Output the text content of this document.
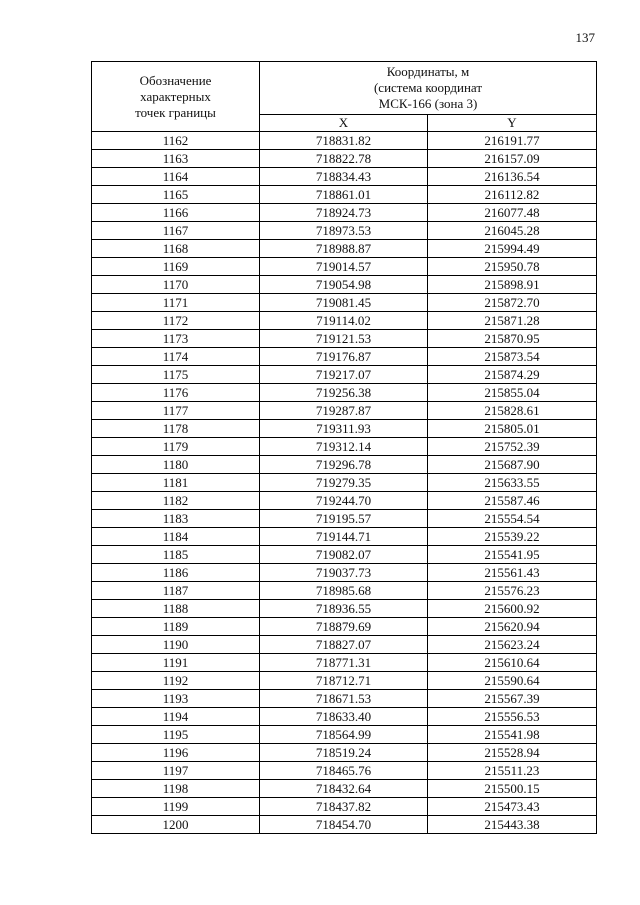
137
Обозначение
характерных
точек границы	Координаты, м
(система координат
МСК-166 (зона 3)	

	X	Y
1162	718831.82	216191.77
1163	718822.78	216157.09
1164	718834.43	216136.54
1165	718861.01	216112.82
1166	718924.73	216077.48
1167	718973.53	216045.28
1168	718988.87	215994.49
1169	719014.57	215950.78
1170	719054.98	215898.91
1171	719081.45	215872.70
1172	719114.02	215871.28
1173	719121.53	215870.95
1174	719176.87	215873.54
1175	719217.07	215874.29
1176	719256.38	215855.04
1177	719287.87	215828.61
1178	719311.93	215805.01
1179	719312.14	215752.39
1180	719296.78	215687.90
1181	719279.35	215633.55
1182	719244.70	215587.46
1183	719195.57	215554.54
1184	719144.71	215539.22
1185	719082.07	215541.95
1186	719037.73	215561.43
1187	718985.68	215576.23
1188	718936.55	215600.92
1189	718879.69	215620.94
1190	718827.07	215623.24
1191	718771.31	215610.64
1192	718712.71	215590.64
1193	718671.53	215567.39
1194	718633.40	215556.53
1195	718564.99	215541.98
1196	718519.24	215528.94
1197	718465.76	215511.23
1198	718432.64	215500.15
1199	718437.82	215473.43
1200	718454.70	215443.38
